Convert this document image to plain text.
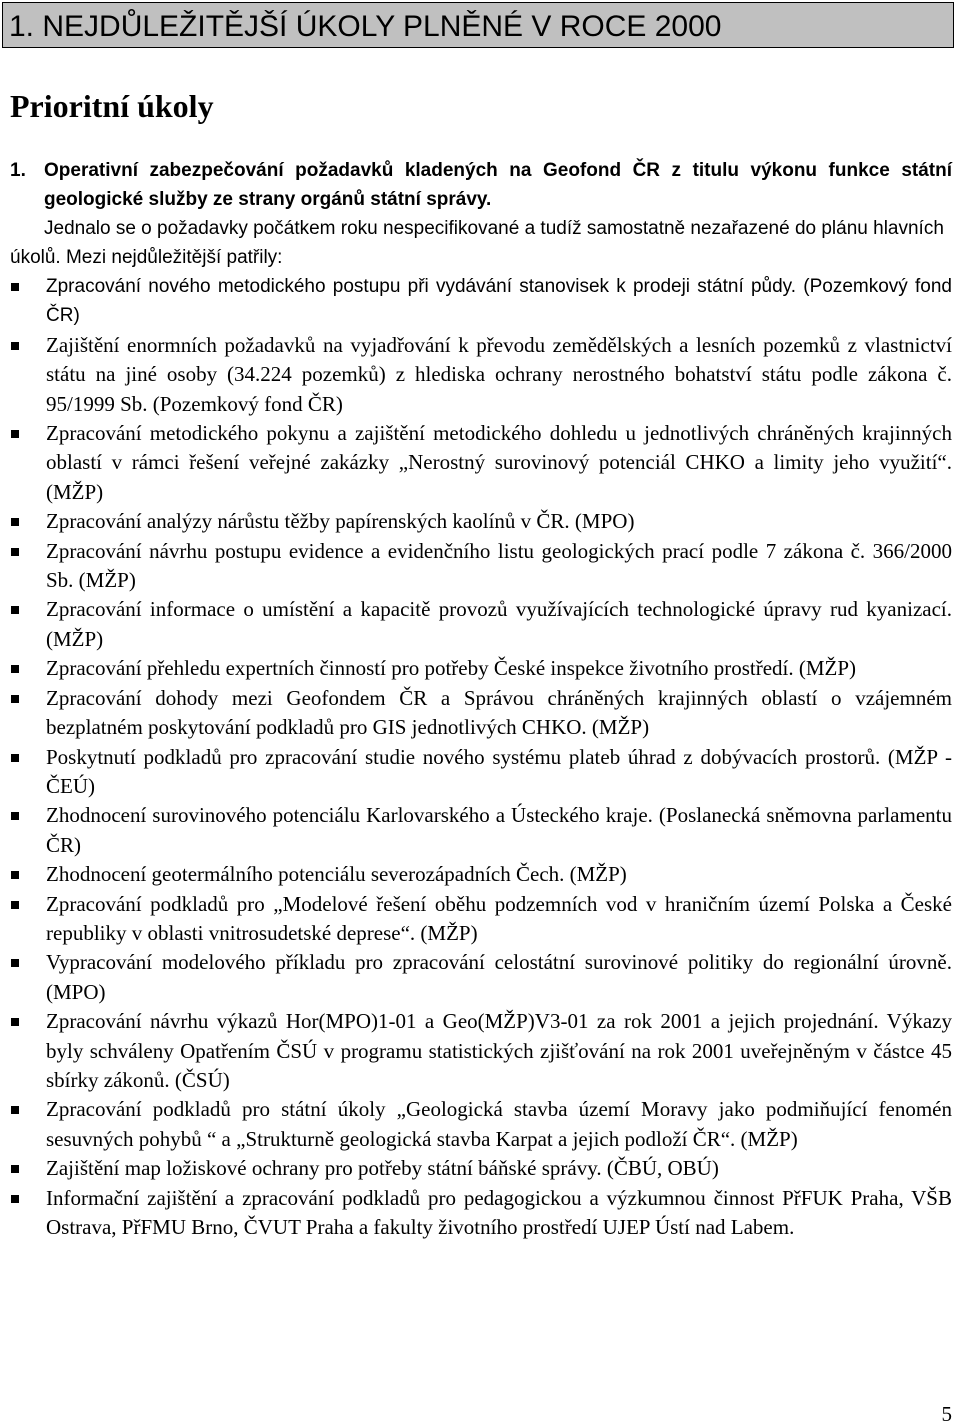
1. NEJDŮLEŽITĚJŠÍ ÚKOLY PLNĚNÉ V ROCE 2000
Prioritní úkoly
1. Operativní zabezpečování požadavků kladených na Geofond ČR z titulu výkonu funkce státní geologické služby ze strany orgánů státní správy.
Jednalo se o požadavky počátkem roku nespecifikované a tudíž samostatně nezařazené do plánu hlavních úkolů. Mezi nejdůležitější patřily:
Zpracování nového metodického postupu při vydávání stanovisek k prodeji státní půdy. (Pozemkový fond ČR)
Zajištění enormních požadavků na vyjadřování k převodu zemědělských a lesních pozemků z vlastnictví státu na jiné osoby (34.224 pozemků) z hlediska ochrany nerostného bohatství státu podle zákona č. 95/1999 Sb. (Pozemkový fond ČR)
Zpracování metodického pokynu a zajištění metodického dohledu u jednotlivých chráněných krajinných oblastí v rámci řešení veřejné zakázky „Nerostný surovinový potenciál CHKO a limity jeho využití“. (MŽP)
Zpracování analýzy nárůstu těžby papírenských kaolínů v ČR. (MPO)
Zpracování návrhu postupu evidence a evidenčního listu geologických prací podle 7 zákona č. 366/2000 Sb. (MŽP)
Zpracování informace o umístění a kapacitě provozů využívajících technologické úpravy rud kyanizací. (MŽP)
Zpracování přehledu expertních činností pro potřeby České inspekce životního prostředí. (MŽP)
Zpracování dohody mezi Geofondem ČR a Správou chráněných krajinných oblastí o vzájemném bezplatném poskytování podkladů pro GIS jednotlivých CHKO. (MŽP)
Poskytnutí podkladů pro zpracování studie nového systému plateb úhrad z dobývacích prostorů. (MŽP - ČEÚ)
Zhodnocení surovinového potenciálu Karlovarského a Ústeckého kraje. (Poslanecká sněmovna parlamentu ČR)
Zhodnocení geotermálního potenciálu severozápadních Čech. (MŽP)
Zpracování podkladů pro „Modelové řešení oběhu podzemních vod v hraničním území Polska a České republiky v oblasti vnitrosudetské deprese“. (MŽP)
Vypracování modelového příkladu pro zpracování celostátní surovinové politiky do regionální úrovně. (MPO)
Zpracování návrhu výkazů Hor(MPO)1-01 a Geo(MŽP)V3-01 za rok 2001 a jejich projednání. Výkazy byly schváleny Opatřením ČSÚ v programu statistických zjišťování na rok 2001 uveřejněným v částce 45 sbírky zákonů. (ČSÚ)
Zpracování podkladů pro státní úkoly „Geologická stavba území Moravy jako podmiňující fenomén sesuvných pohybů “ a „Strukturně geologická stavba Karpat a jejich podloží ČR“. (MŽP)
Zajištění map ložiskové ochrany pro potřeby státní báňské správy. (ČBÚ, OBÚ)
Informační zajištění a zpracování podkladů pro pedagogickou a výzkumnou činnost PřFUK Praha, VŠB Ostrava, PřFMU Brno, ČVUT Praha a fakulty životního prostředí UJEP Ústí nad Labem.
5
